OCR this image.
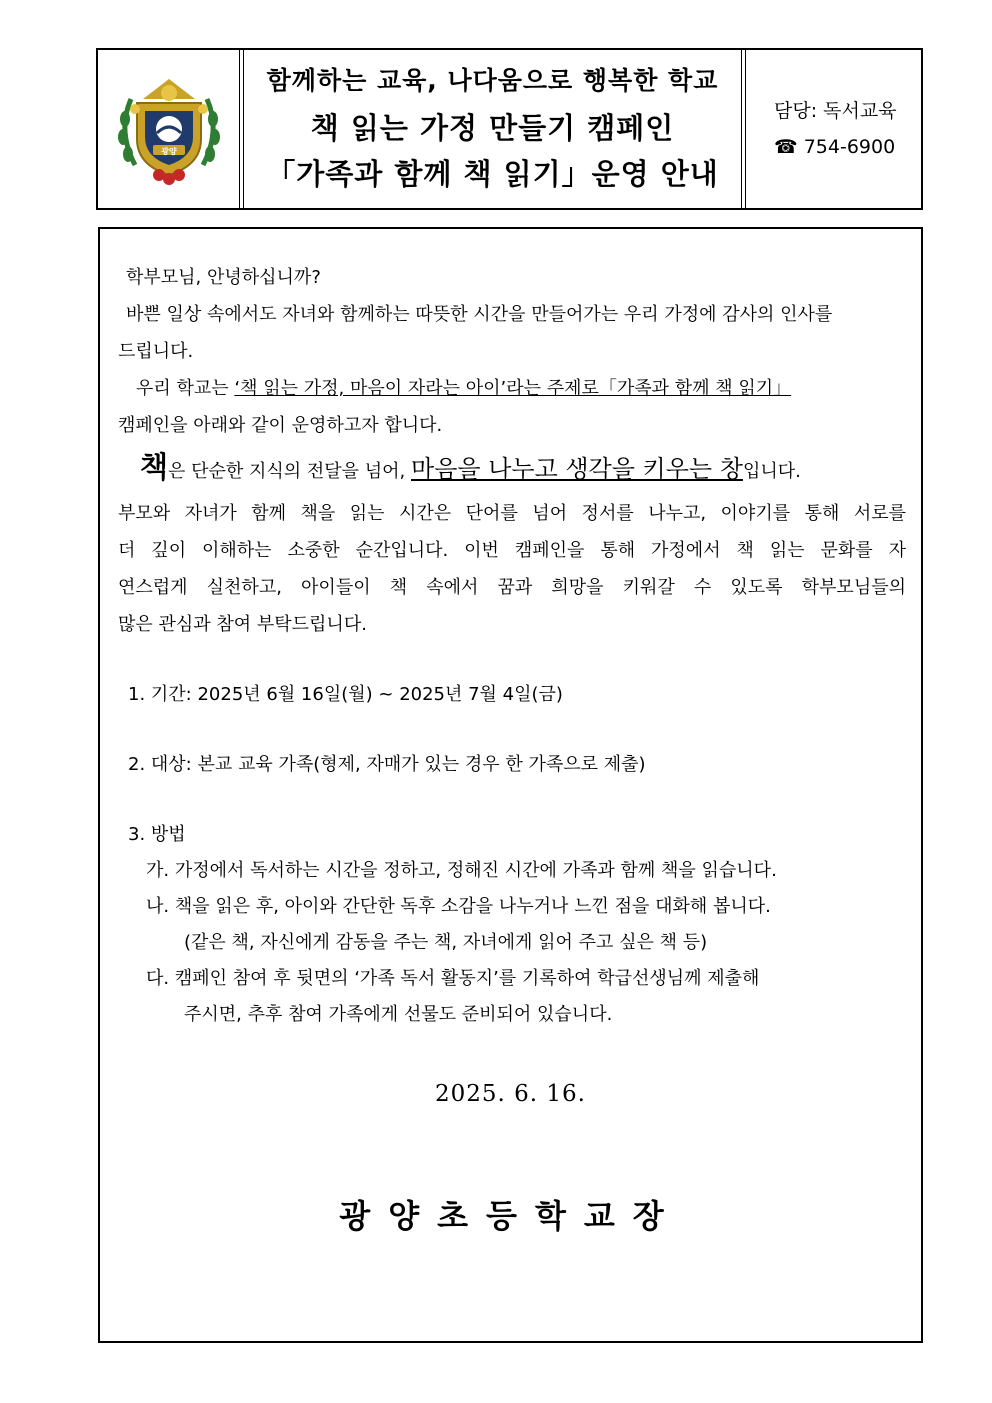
광양
함께하는 교육, 나다움으로 행복한 학교
책 읽는 가정 만들기 캠페인
「가족과 함께 책 읽기」운영 안내
담당: 독서교육
☎ 754-6900

학부모님, 안녕하십니까?

바쁜 일상 속에서도 자녀와 함께하는 따뜻한 시간을 만들어가는 우리 가정에 감사의 인사를

드립니다.

우리 학교는 ‘책 읽는 가정, 마음이 자라는 아이’라는 주제로「가족과 함께 책 읽기」

캠페인을 아래와 같이 운영하고자 합니다.

책은 단순한 지식의 전달을 넘어, 마음을 나누고 생각을 키우는 창입니다.

부모와 자녀가 함께 책을 읽는 시간은 단어를 넘어 정서를 나누고, 이야기를 통해 서로를

더 깊이 이해하는 소중한 순간입니다. 이번 캠페인을 통해 가정에서 책 읽는 문화를 자

연스럽게 실천하고, 아이들이 책 속에서 꿈과 희망을 키워갈 수 있도록 학부모님들의

많은 관심과 참여 부탁드립니다.

1. 기간: 2025년 6월 16일(월) ~ 2025년 7월 4일(금)

2. 대상: 본교 교육 가족(형제, 자매가 있는 경우 한 가족으로 제출)

3. 방법

가. 가정에서 독서하는 시간을 정하고, 정해진 시간에 가족과 함께 책을 읽습니다.

나. 책을 읽은 후, 아이와 간단한 독후 소감을 나누거나 느낀 점을 대화해 봅니다.

(같은 책, 자신에게 감동을 주는 책, 자녀에게 읽어 주고 싶은 책 등)

다. 캠페인 참여 후 뒷면의 ‘가족 독서 활동지’를 기록하여 학급선생님께 제출해

주시면, 추후 참여 가족에게 선물도 준비되어 있습니다.

2025. 6. 16.
광양초등학교장
